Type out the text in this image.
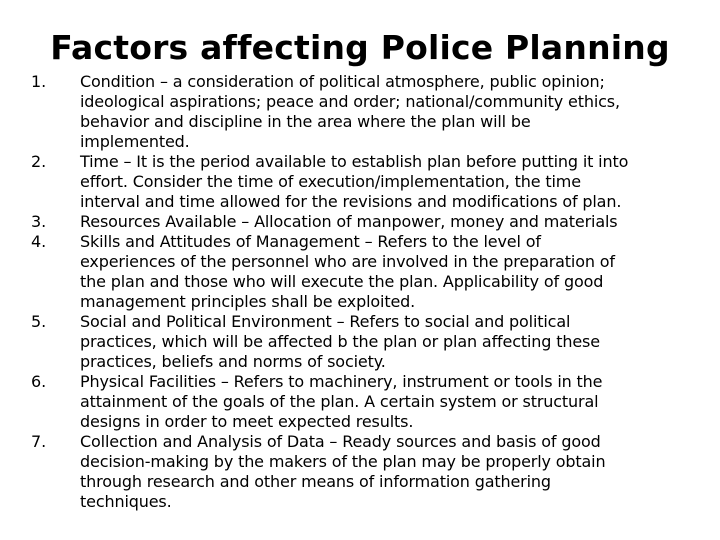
Factors affecting Police Planning
1.	Condition – a consideration of political atmosphere, public opinion;
ideological aspirations; peace and order; national/community ethics,
behavior and discipline in the area where the plan will be
implemented.
2.	Time – It is the period available to establish plan before putting it into
effort. Consider the time of execution/implementation, the time
interval and time allowed for the revisions and modifications of plan.
3.	Resources Available – Allocation of manpower, money and materials
4.	Skills and Attitudes of Management – Refers to the level of
experiences of the personnel who are involved in the preparation of
the plan and those who will execute the plan. Applicability of good
management principles shall be exploited.
5.	Social and Political Environment – Refers to social and political
practices, which will be affected b the plan or plan affecting these
practices, beliefs and norms of society.
6.	Physical Facilities – Refers to machinery, instrument or tools in the
attainment of the goals of the plan. A certain system or structural
designs in order to meet expected results.
7.	Collection and Analysis of Data – Ready sources and basis of good
decision-making by the makers of the plan may be properly obtain
through research and other means of information gathering
techniques.
